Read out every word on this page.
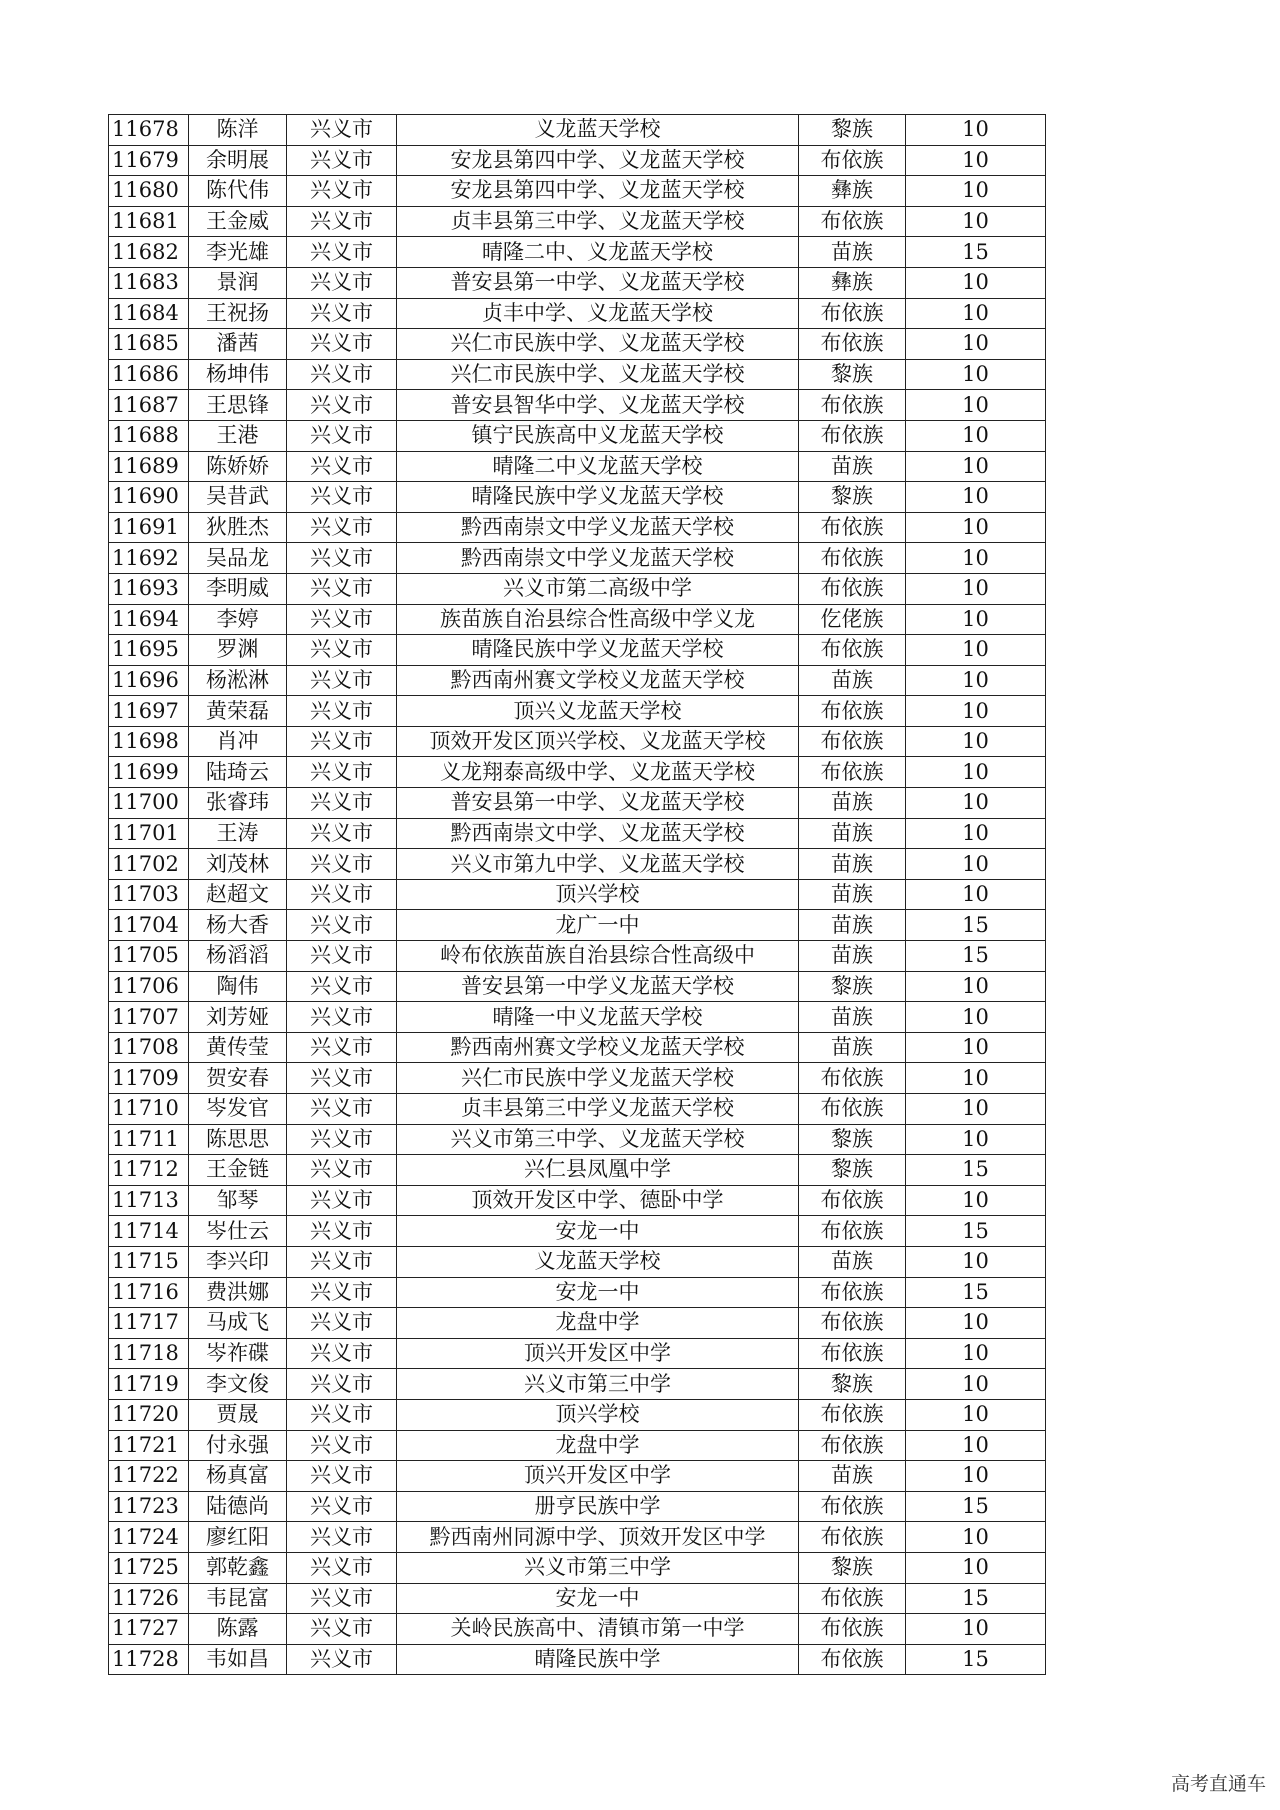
11678	陈洋	兴义市	义龙蓝天学校	黎族	10
11679	余明展	兴义市	安龙县第四中学、义龙蓝天学校	布依族	10
11680	陈代伟	兴义市	安龙县第四中学、义龙蓝天学校	彝族	10
11681	王金威	兴义市	贞丰县第三中学、义龙蓝天学校	布依族	10
11682	李光雄	兴义市	晴隆二中、义龙蓝天学校	苗族	15
11683	景润	兴义市	普安县第一中学、义龙蓝天学校	彝族	10
11684	王祝扬	兴义市	贞丰中学、义龙蓝天学校	布依族	10
11685	潘茜	兴义市	兴仁市民族中学、义龙蓝天学校	布依族	10
11686	杨坤伟	兴义市	兴仁市民族中学、义龙蓝天学校	黎族	10
11687	王思锋	兴义市	普安县智华中学、义龙蓝天学校	布依族	10
11688	王港	兴义市	镇宁民族高中义龙蓝天学校	布依族	10
11689	陈娇娇	兴义市	晴隆二中义龙蓝天学校	苗族	10
11690	吴昔武	兴义市	晴隆民族中学义龙蓝天学校	黎族	10
11691	狄胜杰	兴义市	黔西南崇文中学义龙蓝天学校	布依族	10
11692	吴品龙	兴义市	黔西南崇文中学义龙蓝天学校	布依族	10
11693	李明威	兴义市	兴义市第二高级中学	布依族	10
11694	李婷	兴义市	族苗族自治县综合性高级中学义龙	仡佬族	10
11695	罗渊	兴义市	晴隆民族中学义龙蓝天学校	布依族	10
11696	杨淞淋	兴义市	黔西南州赛文学校义龙蓝天学校	苗族	10
11697	黄荣磊	兴义市	顶兴义龙蓝天学校	布依族	10
11698	肖冲	兴义市	顶效开发区顶兴学校、义龙蓝天学校	布依族	10
11699	陆琦云	兴义市	义龙翔泰高级中学、义龙蓝天学校	布依族	10
11700	张睿玮	兴义市	普安县第一中学、义龙蓝天学校	苗族	10
11701	王涛	兴义市	黔西南崇文中学、义龙蓝天学校	苗族	10
11702	刘茂林	兴义市	兴义市第九中学、义龙蓝天学校	苗族	10
11703	赵超文	兴义市	顶兴学校	苗族	10
11704	杨大香	兴义市	龙广一中	苗族	15
11705	杨滔滔	兴义市	岭布依族苗族自治县综合性高级中	苗族	15
11706	陶伟	兴义市	普安县第一中学义龙蓝天学校	黎族	10
11707	刘芳娅	兴义市	晴隆一中义龙蓝天学校	苗族	10
11708	黄传莹	兴义市	黔西南州赛文学校义龙蓝天学校	苗族	10
11709	贺安春	兴义市	兴仁市民族中学义龙蓝天学校	布依族	10
11710	岑发官	兴义市	贞丰县第三中学义龙蓝天学校	布依族	10
11711	陈思思	兴义市	兴义市第三中学、义龙蓝天学校	黎族	10
11712	王金链	兴义市	兴仁县凤凰中学	黎族	15
11713	邹琴	兴义市	顶效开发区中学、德卧中学	布依族	10
11714	岑仕云	兴义市	安龙一中	布依族	15
11715	李兴印	兴义市	义龙蓝天学校	苗族	10
11716	费洪娜	兴义市	安龙一中	布依族	15
11717	马成飞	兴义市	龙盘中学	布依族	10
11718	岑祚碟	兴义市	顶兴开发区中学	布依族	10
11719	李文俊	兴义市	兴义市第三中学	黎族	10
11720	贾晟	兴义市	顶兴学校	布依族	10
11721	付永强	兴义市	龙盘中学	布依族	10
11722	杨真富	兴义市	顶兴开发区中学	苗族	10
11723	陆德尚	兴义市	册亨民族中学	布依族	15
11724	廖红阳	兴义市	黔西南州同源中学、顶效开发区中学	布依族	10
11725	郭乾鑫	兴义市	兴义市第三中学	黎族	10
11726	韦昆富	兴义市	安龙一中	布依族	15
11727	陈露	兴义市	关岭民族高中、清镇市第一中学	布依族	10
11728	韦如昌	兴义市	晴隆民族中学	布依族	15
高考直通车
